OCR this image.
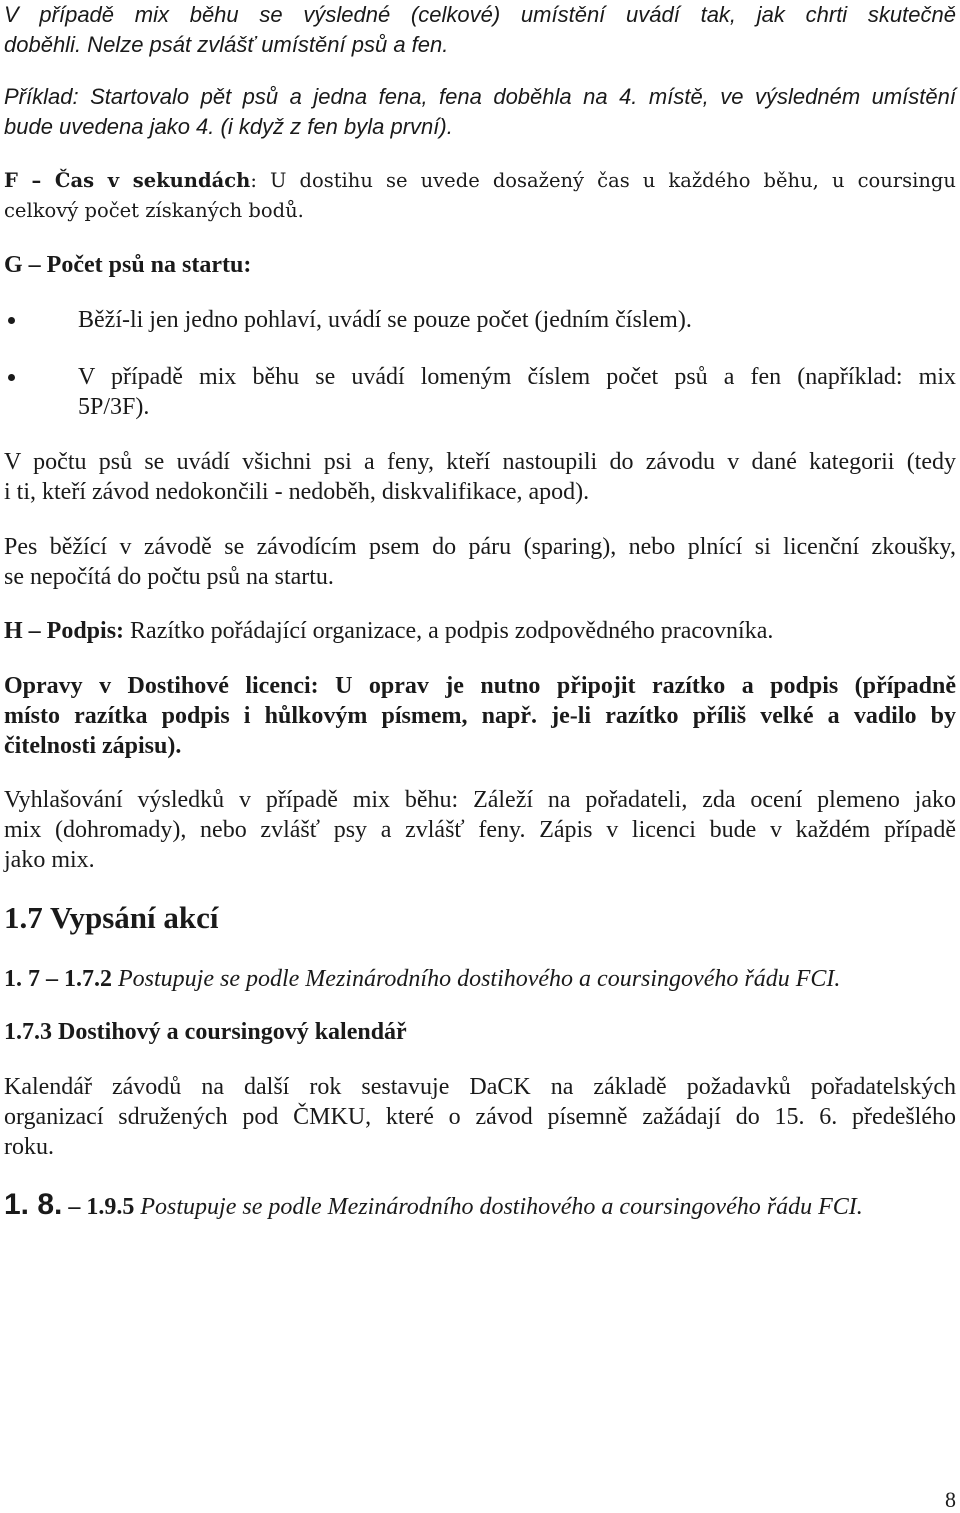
V případě mix běhu se výsledné (celkové) umístění uvádí tak, jak chrti skutečně
doběhli. Nelze psát zvlášť umístění psů a fen.
Příklad: Startovalo pět psů a jedna fena, fena doběhla na 4. místě, ve výsledném umístění
bude uvedena jako 4. (i když z fen byla první).
F – Čas v sekundách: U dostihu se uvede dosažený čas u každého běhu, u coursingu
celkový počet získaných bodů.
G – Počet psů na startu:
Běží-li jen jedno pohlaví, uvádí se pouze počet (jedním číslem).
V případě mix běhu se uvádí lomeným číslem počet psů a fen (například: mix
5P/3F).
V počtu psů se uvádí všichni psi a feny, kteří nastoupili do závodu v dané kategorii (tedy
i ti, kteří závod nedokončili - nedoběh, diskvalifikace, apod).
Pes běžící v závodě se závodícím psem do páru (sparing), nebo plnící si licenční zkoušky,
se nepočítá do počtu psů na startu.
H – Podpis: Razítko pořádající organizace, a podpis zodpovědného pracovníka.
Opravy v Dostihové licenci: U oprav je nutno připojit razítko a podpis (případně
místo razítka podpis i hůlkovým písmem, např. je-li razítko příliš velké a vadilo by
čitelnosti zápisu).
Vyhlašování výsledků v případě mix běhu: Záleží na pořadateli, zda ocení plemeno jako
mix (dohromady), nebo zvlášť psy a zvlášť feny. Zápis v licenci bude v každém případě
jako mix.
1.7 Vypsání akcí
1. 7 – 1.7.2 Postupuje se podle Mezinárodního dostihového a coursingového řádu FCI.
1.7.3 Dostihový a coursingový kalendář
Kalendář závodů na další rok sestavuje DaCK na základě požadavků pořadatelských
organizací sdružených pod ČMKU, které o závod písemně zažádají do 15. 6. předešlého
roku.
1. 8. – 1.9.5 Postupuje se podle Mezinárodního dostihového a coursingového řádu FCI.
8
